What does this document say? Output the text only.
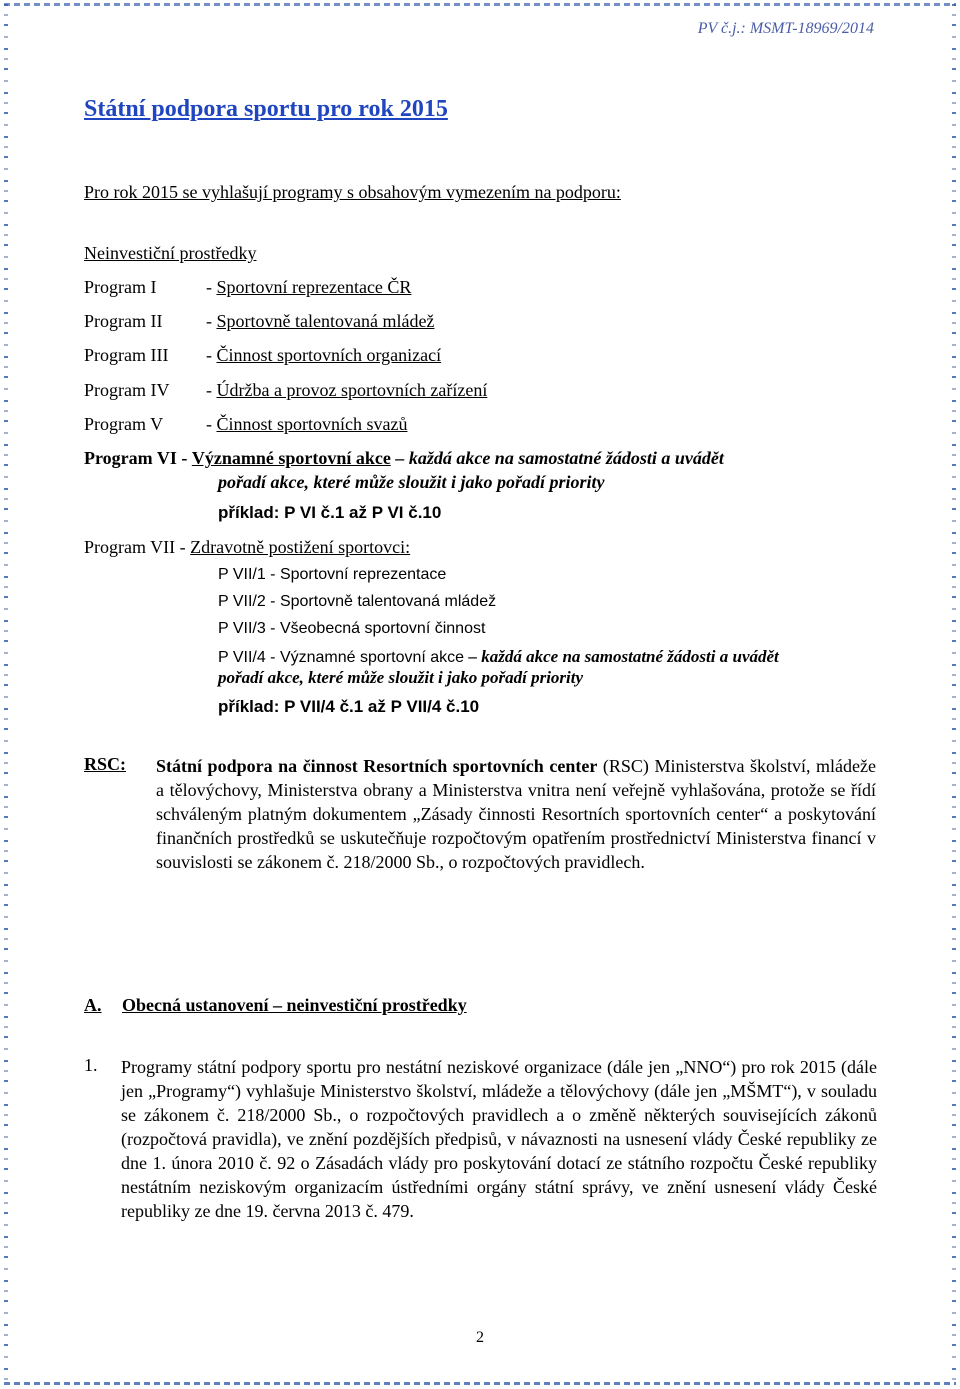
PV č.j.: MSMT-18969/2014
Státní podpora sportu pro rok 2015
Pro rok 2015 se vyhlašují programy s obsahovým vymezením na podporu:
Neinvestiční prostředky
Program I	- Sportovní reprezentace ČR
Program II - Sportovně talentovaná mládež
Program III - Činnost sportovních organizací
Program IV - Údržba a provoz sportovních zařízení
Program V - Činnost sportovních svazů
Program VI - Významné sportovní akce – každá akce na samostatné žádosti a uvádět
pořadí akce, které může sloužit i jako pořadí priority
příklad: P VI č.1 až P VI č.10
Program VII - Zdravotně postižení sportovci:
P VII/1 - Sportovní reprezentace
P VII/2 - Sportovně talentovaná mládež
P VII/3 - Všeobecná sportovní činnost
P VII/4 - Významné sportovní akce – každá akce na samostatné žádosti a uvádět
pořadí akce, které může sloužit i jako pořadí priority
příklad: P VII/4 č.1 až P VII/4 č.10
RSC: Státní podpora na činnost Resortních sportovních center (RSC) Ministerstva školství, mládeže a tělovýchovy, Ministerstva obrany a Ministerstva vnitra není veřejně vyhlašována, protože se řídí schváleným platným dokumentem „Zásady činnosti Resortních sportovních center“ a poskytování finančních prostředků se uskutečňuje rozpočtovým opatřením prostřednictví Ministerstva financí v souvislosti se zákonem č. 218/2000 Sb., o rozpočtových pravidlech.

A. Obecná ustanovení – neinvestiční prostředky
1. Programy státní podpory sportu pro nestátní neziskové organizace (dále jen „NNO“) pro rok 2015 (dále jen „Programy“) vyhlašuje Ministerstvo školství, mládeže a tělovýchovy (dále jen „MŠMT“), v souladu se zákonem č. 218/2000 Sb., o rozpočtových pravidlech a o změně některých souvisejících zákonů (rozpočtová pravidla), ve znění pozdějších předpisů, v návaznosti na usnesení vlády České republiky ze dne 1. února 2010 č. 92 o Zásadách vlády pro poskytování dotací ze státního rozpočtu České republiky nestátním neziskovým organizacím ústředními orgány státní správy, ve znění usnesení vlády České republiky ze dne 19. června 2013 č. 479.

2
